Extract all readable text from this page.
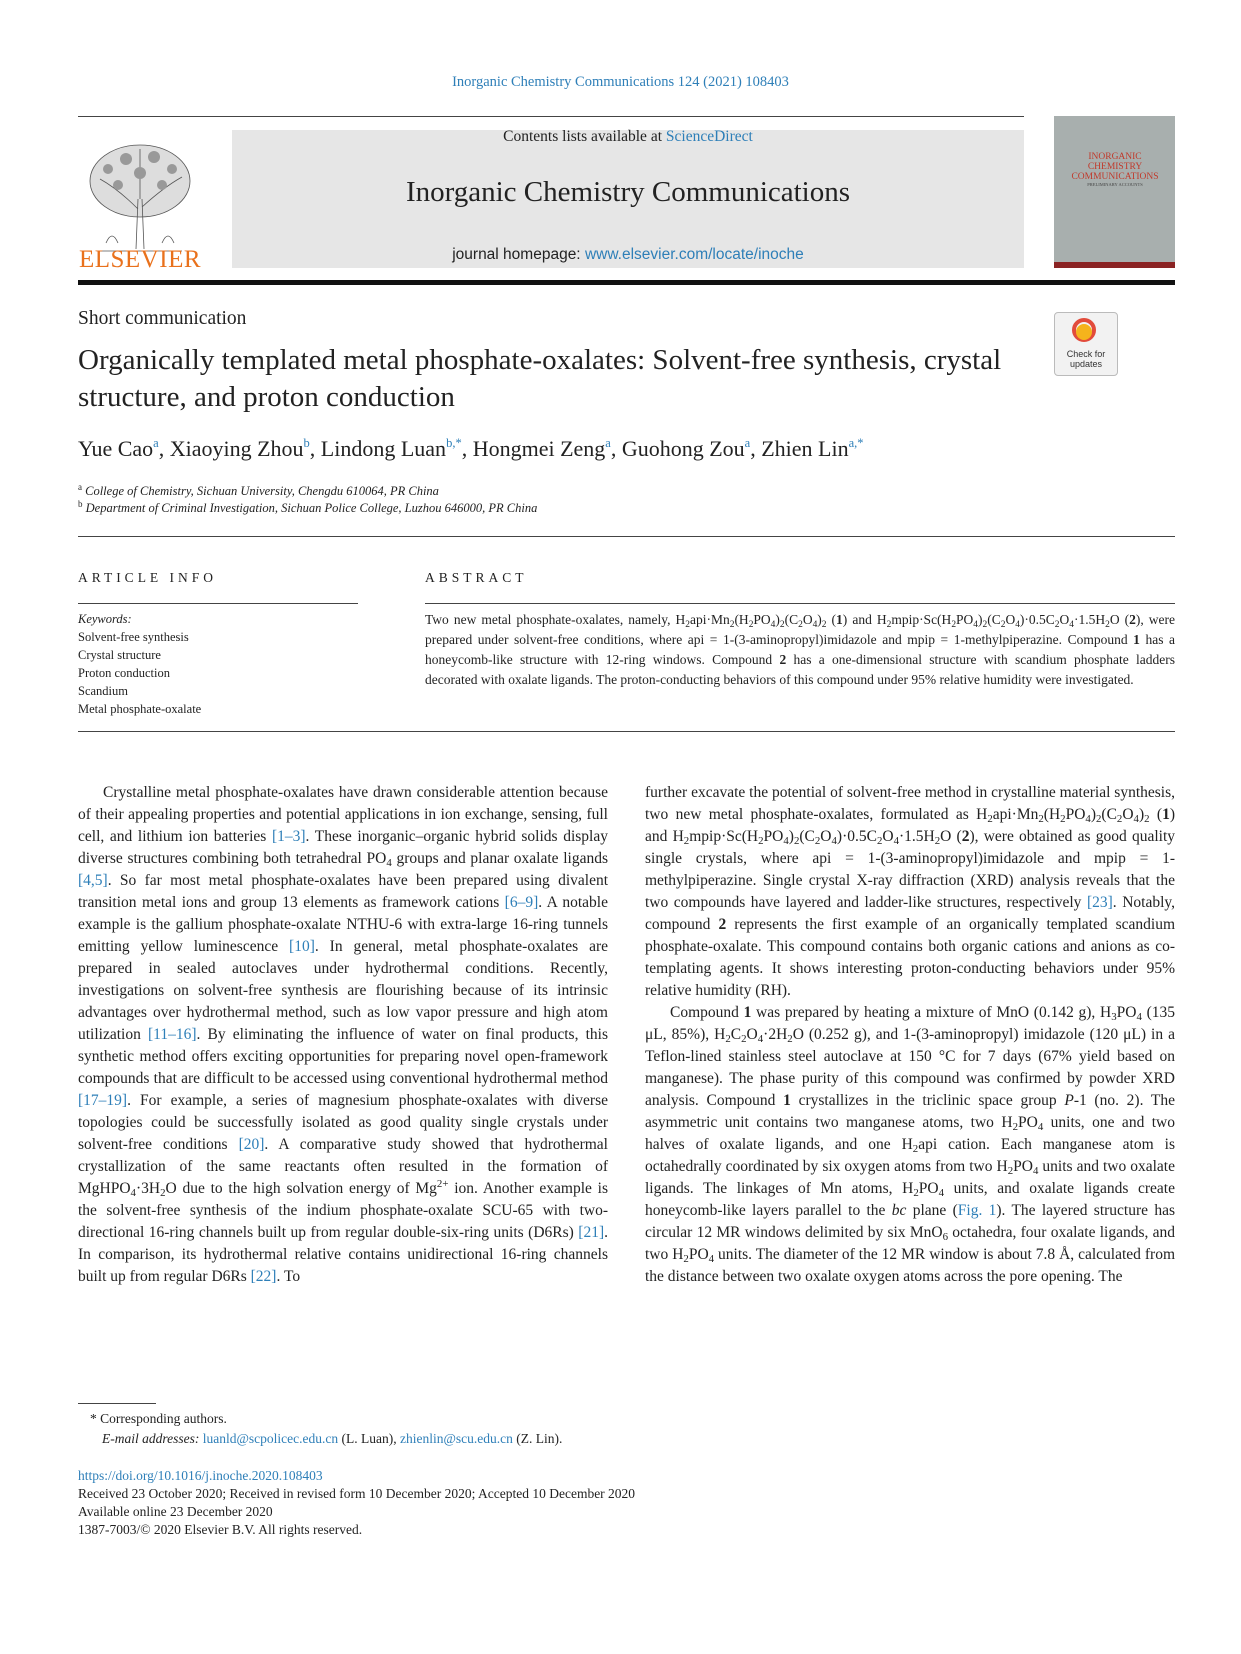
Inorganic Chemistry Communications 124 (2021) 108403
ELSEVIER
Contents lists available at ScienceDirect
Inorganic Chemistry Communications
journal homepage: www.elsevier.com/locate/inoche
INORGANIC CHEMISTRY COMMUNICATIONS
PRELIMINARY ACCOUNTS
Short communication
Check for updates
Organically templated metal phosphate-oxalates: Solvent-free synthesis, crystal structure, and proton conduction
Yue Cao$^a$, Xiaoying Zhou$^b$, Lindong Luan$^{b,*}$, Hongmei Zeng$^a$, Guohong Zou$^a$, Zhien Lin$^{a,*}$
$^a$ College of Chemistry, Sichuan University, Chengdu 610064, PR China
$^b$ Department of Criminal Investigation, Sichuan Police College, Luzhou 646000, PR China
ARTICLE INFO	ABSTRACT
Keywords:
Solvent-free synthesis
Crystal structure
Proton conduction
Scandium
Metal phosphate-oxalate
Two new metal phosphate-oxalates, namely, $H_2api\cdot Mn_2(H_2PO_4)_2(C_2O_4)_2$ (1) and $H_2mpip\cdot Sc(H_2PO_4)_2(C_2O_4)\cdot 0.5C_2O_4\cdot 1.5H_2O$ (2), were prepared under solvent-free conditions, where api = 1-(3-aminopropyl)imidazole and mpip = 1-methylpiperazine. Compound 1 has a honeycomb-like structure with 12-ring windows. Compound 2 has a one-dimensional structure with scandium phosphate ladders decorated with oxalate ligands. The proton-conducting behaviors of this compound under 95% relative humidity were investigated.

Crystalline metal phosphate-oxalates have drawn considerable attention because of their appealing properties and potential applications in ion exchange, sensing, full cell, and lithium ion batteries [1–3]. These inorganic–organic hybrid solids display diverse structures combining both tetrahedral $PO_4$ groups and planar oxalate ligands [4,5]. So far most metal phosphate-oxalates have been prepared using divalent transition metal ions and group 13 elements as framework cations [6–9]. A notable example is the gallium phosphate-oxalate NTHU-6 with extra-large 16-ring tunnels emitting yellow luminescence [10]. In general, metal phosphate-oxalates are prepared in sealed autoclaves under hydrothermal conditions. Recently, investigations on solvent-free synthesis are flourishing because of its intrinsic advantages over hydrothermal method, such as low vapor pressure and high atom utilization [11–16]. By eliminating the influence of water on final products, this synthetic method offers exciting opportunities for preparing novel open-framework compounds that are difficult to be accessed using conventional hydrothermal method [17–19]. For example, a series of magnesium phosphate-oxalates with diverse topologies could be successfully isolated as good quality single crystals under solvent-free conditions [20]. A comparative study showed that hydrothermal crystallization of the same reactants often resulted in the formation of $MgHPO_4\cdot 3H_2O$ due to the high solvation energy of $Mg^{2+}$ ion. Another example is the solvent-free synthesis of the indium phosphate-oxalate SCU-65 with two-directional 16-ring channels built up from regular double-six-ring units (D6Rs) [21]. In comparison, its hydrothermal relative contains unidirectional 16-ring channels built up from regular D6Rs [22]. To

further excavate the potential of solvent-free method in crystalline material synthesis, two new metal phosphate-oxalates, formulated as $H_2api\cdot Mn_2(H_2PO_4)_2(C_2O_4)_2$ (1) and $H_2mpip\cdot Sc(H_2PO_4)_2(C_2O_4)\cdot 0.5C_2O_4\cdot 1.5H_2O$ (2), were obtained as good quality single crystals, where api = 1-(3-aminopropyl)imidazole and mpip = 1-methylpiperazine. Single crystal X-ray diffraction (XRD) analysis reveals that the two compounds have layered and ladder-like structures, respectively [23]. Notably, compound 2 represents the first example of an organically templated scandium phosphate-oxalate. This compound contains both organic cations and anions as co-templating agents. It shows interesting proton-conducting behaviors under 95% relative humidity (RH).

Compound 1 was prepared by heating a mixture of MnO (0.142 g), $H_3PO_4$ (135 μL, 85%), $H_2C_2O_4\cdot 2H_2O$ (0.252 g), and 1-(3-aminopropyl) imidazole (120 μL) in a Teflon-lined stainless steel autoclave at 150 °C for 7 days (67% yield based on manganese). The phase purity of this compound was confirmed by powder XRD analysis. Compound 1 crystallizes in the triclinic space group P-1 (no. 2). The asymmetric unit contains two manganese atoms, two $H_2PO_4$ units, one and two halves of oxalate ligands, and one $H_2api$ cation. Each manganese atom is octahedrally coordinated by six oxygen atoms from two $H_2PO_4$ units and two oxalate ligands. The linkages of Mn atoms, $H_2PO_4$ units, and oxalate ligands create honeycomb-like layers parallel to the bc plane (Fig. 1). The layered structure has circular 12 MR windows delimited by six MnO$_6$ octahedra, four oxalate ligands, and two $H_2PO_4$ units. The diameter of the 12 MR window is about 7.8 Å, calculated from the distance between two oxalate oxygen atoms across the pore opening. The

* Corresponding authors.
E-mail addresses: luanld@scpolicec.edu.cn (L. Luan), zhienlin@scu.edu.cn (Z. Lin).
https://doi.org/10.1016/j.inoche.2020.108403
Received 23 October 2020; Received in revised form 10 December 2020; Accepted 10 December 2020
Available online 23 December 2020
1387-7003/© 2020 Elsevier B.V. All rights reserved.
